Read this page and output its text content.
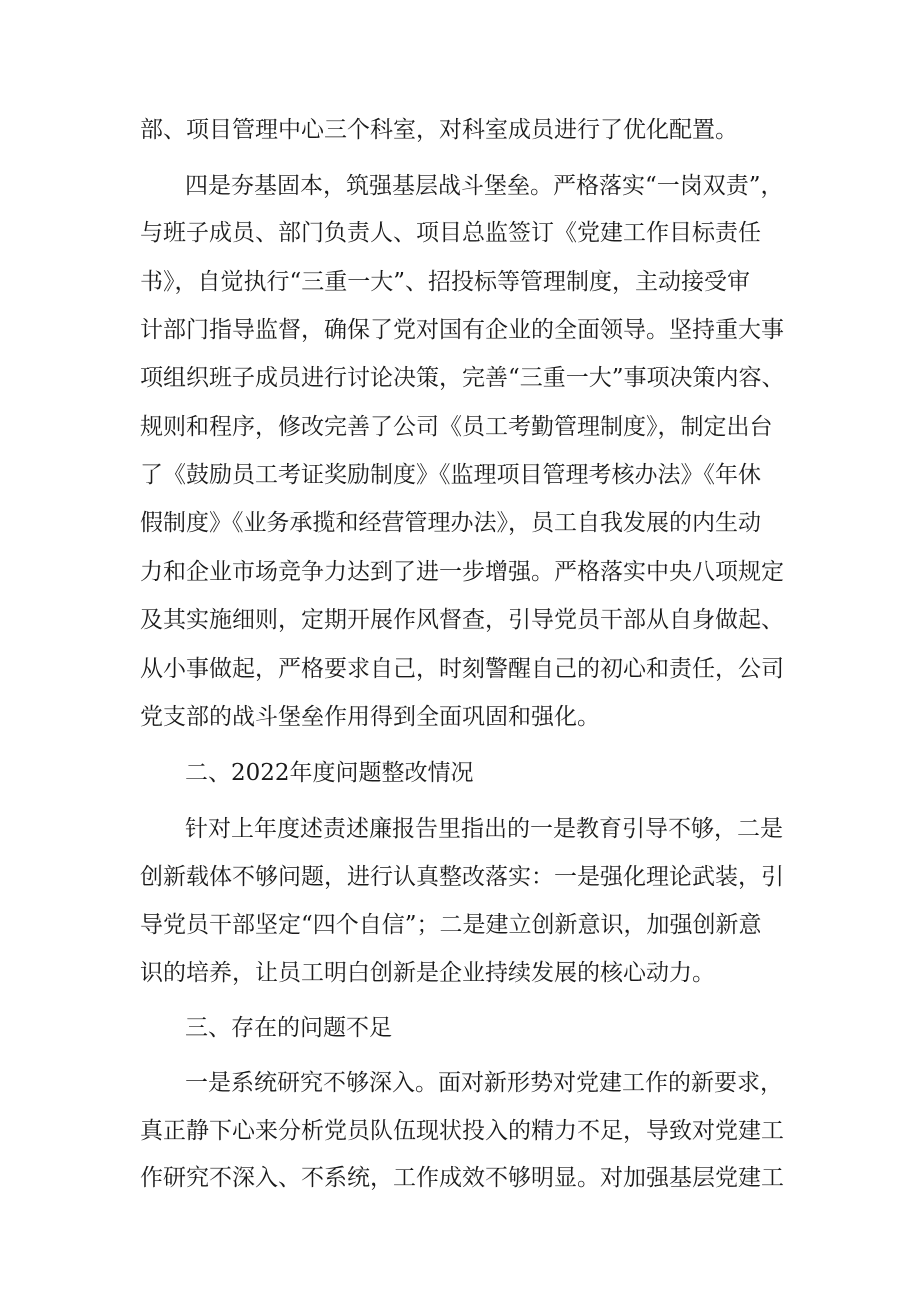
部、项目管理中心三个科室，对科室成员进行了优化配置。
四是夯基固本，筑强基层战斗堡垒。严格落实“一岗双责”，
与班子成员、部门负责人、项目总监签订《党建工作目标责任
书》，自觉执行“三重一大”、招投标等管理制度，主动接受审
计部门指导监督，确保了党对国有企业的全面领导。坚持重大事
项组织班子成员进行讨论决策，完善“三重一大”事项决策内容、
规则和程序，修改完善了公司《员工考勤管理制度》，制定出台
了《鼓励员工考证奖励制度》《监理项目管理考核办法》《年休
假制度》《业务承揽和经营管理办法》，员工自我发展的内生动
力和企业市场竞争力达到了进一步增强。严格落实中央八项规定
及其实施细则，定期开展作风督查，引导党员干部从自身做起、
从小事做起，严格要求自己，时刻警醒自己的初心和责任，公司
党支部的战斗堡垒作用得到全面巩固和强化。
二、2022年度问题整改情况
针对上年度述责述廉报告里指出的一是教育引导不够，二是
创新载体不够问题，进行认真整改落实：一是强化理论武装，引
导党员干部坚定“四个自信”；二是建立创新意识，加强创新意
识的培养，让员工明白创新是企业持续发展的核心动力。
三、存在的问题不足
一是系统研究不够深入。面对新形势对党建工作的新要求，
真正静下心来分析党员队伍现状投入的精力不足，导致对党建工
作研究不深入、不系统，工作成效不够明显。对加强基层党建工
